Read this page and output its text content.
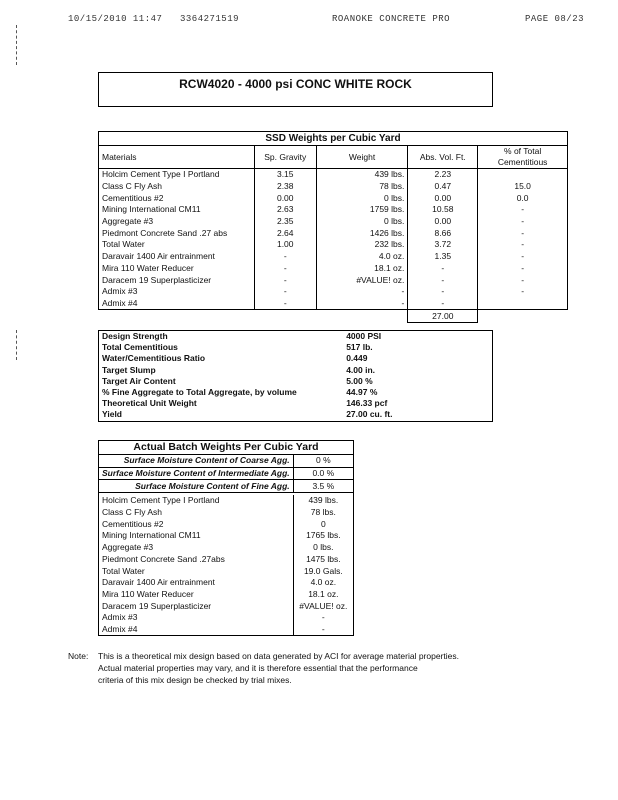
10/15/2010 11:47 3364271519	ROANOKE CONCRETE PRO	PAGE 08/23
RCW4020 - 4000 psi CONC WHITE ROCK
SSD Weights per Cubic Yard				
Materials	Sp. Gravity	Weight	Abs. Vol. Ft.	% of Total Cementitious
Holcim Cement Type I Portland	3.15	439 lbs.	2.23	
Class C Fly Ash	2.38	78 lbs.	0.47	15.0
Cementitious #2	0.00	0 lbs.	0.00	0.0
Mining International CM11	2.63	1759 lbs.	10.58	-
Aggregate #3	2.35	0 lbs.	0.00	-
Piedmont Concrete Sand .27 abs	2.64	1426 lbs.	8.66	-
Total Water	1.00	232 lbs.	3.72	-
Daravair 1400 Air entrainment	-	4.0 oz.	1.35	-
Mira 110 Water Reducer	-	18.1 oz.	-	-
Daracem 19 Superplasticizer	-	#VALUE! oz.	-	-
Admix #3	-	-	-	-
Admix #4	-	-	-	
			27.00	
Design Strength	4000 PSI
Total Cementitious	517 lb.
Water/Cementitious Ratio	0.449
Target Slump	4.00 in.
Target Air Content	5.00 %
% Fine Aggregate to Total Aggregate, by volume	44.97 %
Theoretical Unit Weight	146.33 pcf
Yield	27.00 cu. ft.
Actual Batch Weights Per Cubic Yard	
Surface Moisture Content of Coarse Agg.	0 %
Surface Moisture Content of Intermediate Agg.	0.0 %
Surface Moisture Content of Fine Agg.	3.5 %

Holcim Cement Type I Portland	439 lbs.
Class C Fly Ash	78 lbs.
Cementitious #2	0
Mining International CM11	1765 lbs.
Aggregate #3	0 lbs.
Piedmont Concrete Sand .27abs	1475 lbs.
Total Water	19.0 Gals.
Daravair 1400 Air entrainment	4.0 oz.
Mira 110 Water Reducer	18.1 oz.
Daracem 19 Superplasticizer	#VALUE! oz.
Admix #3	-
Admix #4	-
Note: This is a theoretical mix design based on data generated by ACI for average material properties.
Actual material properties may vary, and it is therefore essential that the performance
criteria of this mix design be checked by trial mixes.
